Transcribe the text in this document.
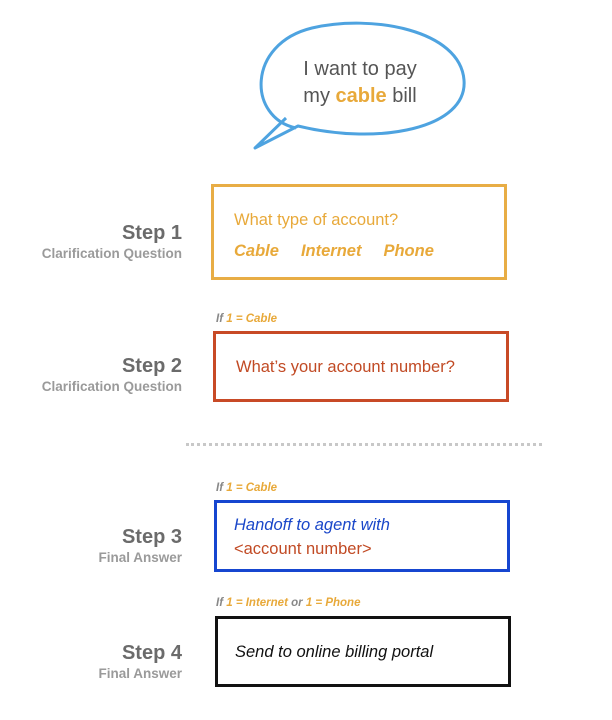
I want to pay
my cable bill
Step 1
Clarification Question
What type of account?
Cable Internet Phone
If 1 = Cable
Step 2
Clarification Question
What’s your account number?
If 1 = Cable
Step 3
Final Answer
Handoff to agent with
<account number>
If 1 = Internet or 1 = Phone
Step 4
Final Answer
Send to online billing portal
